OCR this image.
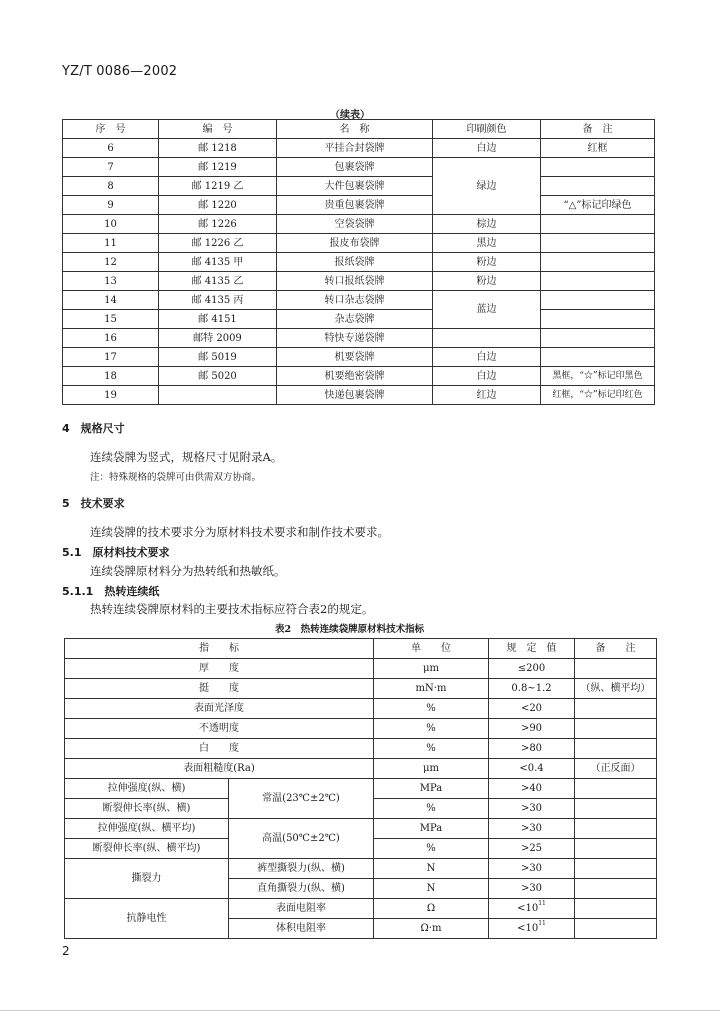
YZ/T 0086—2002
（续表）
序　号	编　号	名　称	印刷颜色	备　注
6	邮 1218	平挂合封袋牌	白边	红框
7	邮 1219	包裹袋牌	绿边	
8	邮 1219 乙	大件包裹袋牌		
9	邮 1220	贵重包裹袋牌		“△”标记印绿色
10	邮 1226	空袋袋牌	棕边	
11	邮 1226 乙	报皮布袋牌	黑边	
12	邮 4135 甲	报纸袋牌	粉边	
13	邮 4135 乙	转口报纸袋牌	粉边	
14	邮 4135 丙	转口杂志袋牌	蓝边	
15	邮 4151	杂志袋牌		
16	邮特 2009	特快专递袋牌		
17	邮 5019	机要袋牌	白边	
18	邮 5020	机要绝密袋牌	白边	黑框，“☆”标记印黑色
19		快递包裹袋牌	红边	红框，“☆”标记印红色
4　规格尺寸
连续袋牌为竖式，规格尺寸见附录A。
注：特殊规格的袋牌可由供需双方协商。
5　技术要求
连续袋牌的技术要求分为原材料技术要求和制作技术要求。
5.1　原材料技术要求
连续袋牌原材料分为热转纸和热敏纸。
5.1.1　热转连续纸
热转连续袋牌原材料的主要技术指标应符合表2的规定。
表2　热转连续袋牌原材料技术指标
指　　标		单　　位	规　定　值	备　　注
厚　　度		μm	≤200	
挺　　度		mN·m	0.8~1.2	（纵、横平均）
表面光泽度		%	<20	
不透明度		%	>90	
白　　度		%	>80	
表面粗糙度(Ra)		μm	<0.4	（正反面）
拉伸强度(纵、横)	常温(23℃±2℃)	MPa	>40	
断裂伸长率(纵、横)		%	>30	
拉伸强度(纵、横平均)	高温(50℃±2℃)	MPa	>30	
断裂伸长率(纵、横平均)		%	>25	
撕裂力	裤型撕裂力(纵、横)	N	>30	
	直角撕裂力(纵、横)	N	>30	
抗静电性	表面电阻率	Ω	$<10^{11}$	
	体积电阻率	Ω·m	$<10^{11}$	
2
